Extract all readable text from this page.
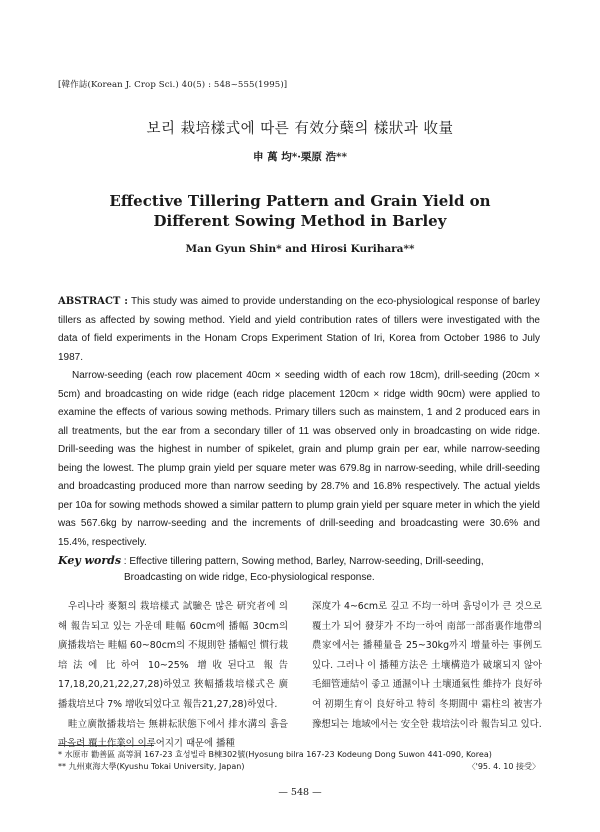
[韓作誌(Korean J. Crop Sci.) 40(5) : 548~555(1995)]
보리 栽培樣式에 따른 有效分蘖의 樣狀과 收量
申 萬 均*·栗原 浩**
Effective Tillering Pattern and Grain Yield on
Different Sowing Method in Barley
Man Gyun Shin* and Hirosi Kurihara**

ABSTRACT : This study was aimed to provide understanding on the eco-physiological response of barley tillers as affected by sowing method. Yield and yield contribution rates of tillers were investigated with the data of field experiments in the Honam Crops Experiment Station of Iri, Korea from October 1986 to July 1987.

Narrow-seeding (each row placement 40cm × seeding width of each row 18cm), drill-seeding (20cm × 5cm) and broadcasting on wide ridge (each ridge placement 120cm × ridge width 90cm) were applied to examine the effects of various sowing methods. Primary tillers such as mainstem, 1 and 2 produced ears in all treatments, but the ear from a secondary tiller of 11 was observed only in broadcasting on wide ridge. Drill-seeding was the highest in number of spikelet, grain and plump grain per ear, while narrow-seeding being the lowest. The plump grain yield per square meter was 679.8g in narrow-seeding, while drill-seeding and broadcasting produced more than narrow seeding by 28.7% and 16.8% respectively. The actual yields per 10a for sowing methods showed a similar pattern to plump grain yield per square meter in which the yield was 567.6kg by narrow-seeding and the increments of drill-seeding and broadcasting were 30.6% and 15.4%, respectively.

Key words : Effective tillering pattern, Sowing method, Barley, Narrow-seeding, Drill-seeding,
Broadcasting on wide ridge, Eco-physiological response.

우리나라 麥類의 栽培樣式 試驗은 많은 研究者에 의해 報告되고 있는 가운데 畦幅 60cm에 播幅 30cm의 廣播栽培는 畦幅 60~80cm의 不規則한 播幅인 慣行栽培法에 比하여 10~25% 增收된다고 報告17,18,20,21,22,27,28)하였고 狹幅播栽培樣式은 廣播栽培보다 7% 增收되었다고 報告21,27,28)하였다.

畦立廣散播栽培는 無耕耘狀態下에서 排水溝의 흙을 파올려 覆土作業이 이루어지기 때문에 播種

深度가 4~6cm로 깊고 不均一하며 흙덩이가 큰 것으로 覆土가 되어 發芽가 不均一하여 南部一部畓裏作地帶의 農家에서는 播種量을 25~30kg까지 增量하는 事例도 있다. 그러나 이 播種方法은 土壤構造가 破壞되지 않아 毛細管連結이 좋고 通濕이나 土壤通氣性 維持가 良好하여 初期生育이 良好하고 特히 冬期間中 霜柱의 被害가 豫想되는 地域에서는 安全한 栽培法이라 報告되고 있다.

* 水原市 勸善區 高等洞 167-23 효성빌라 B棟302號(Hyosung bilra 167-23 Kodeung Dong Suwon 441-090, Korea)
** 九州東海大學(Kyushu Tokai University, Japan)	〈'95. 4. 10 接受〉
— 548 —
